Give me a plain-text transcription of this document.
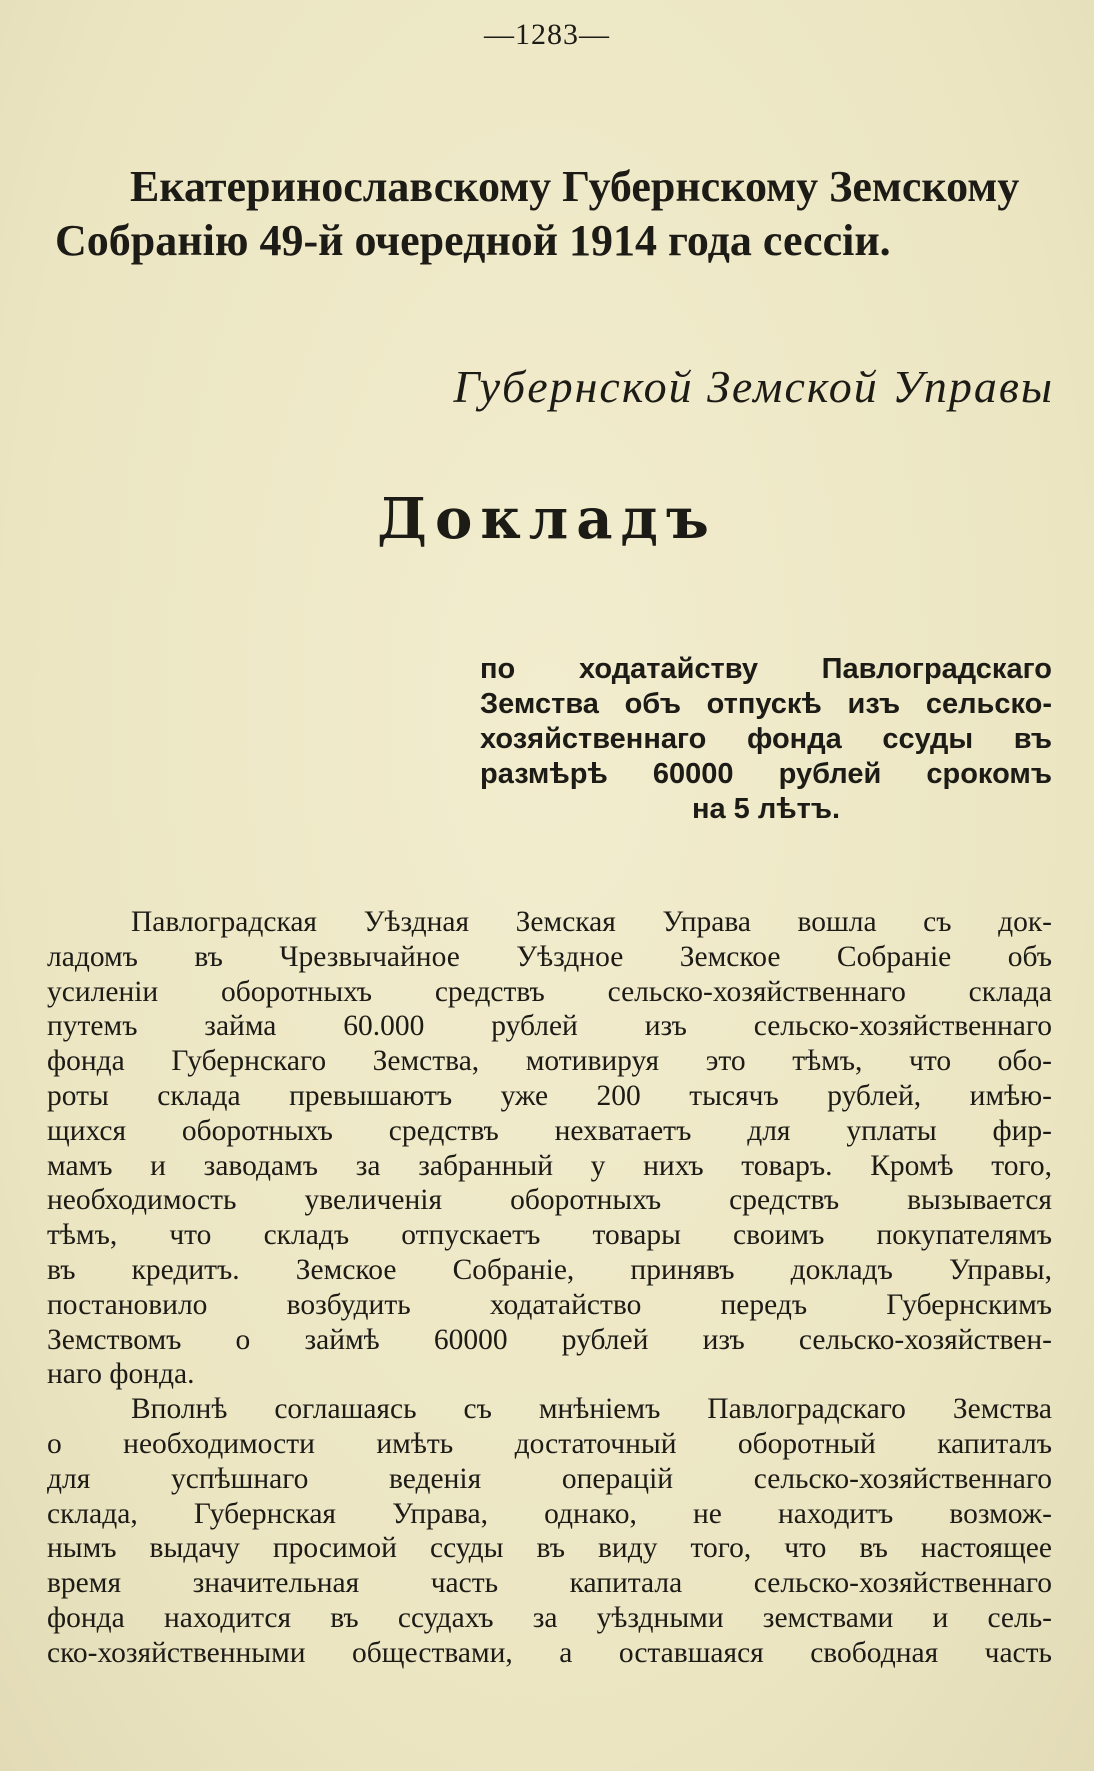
—1283—
Екатеринославскому Губернскому Земскому
Собранію 49-й очередной 1914 года сессіи.
Губернской Земской Управы
Докладъ
по ходатайству Павлоградскаго
Земства объ отпускѣ изъ сельско-
хозяйственнаго фонда ссуды въ
размѣрѣ 60000 рублей срокомъ
на 5 лѣтъ.
Павлоградская Уѣздная Земская Управа вошла съ док-
ладомъ въ Чрезвычайное Уѣздное Земское Собраніе объ
усиленіи оборотныхъ средствъ сельско-хозяйственнаго склада
путемъ займа 60.000 рублей изъ сельско-хозяйственнаго
фонда Губернскаго Земства, мотивируя это тѣмъ, что обо-
роты склада превышаютъ уже 200 тысячъ рублей, имѣю-
щихся оборотныхъ средствъ нехватаетъ для уплаты фир-
мамъ и заводамъ за забранный у нихъ товаръ. Кромѣ того,
необходимость увеличенія оборотныхъ средствъ вызывается
тѣмъ, что складъ отпускаетъ товары своимъ покупателямъ
въ кредитъ. Земское Собраніе, принявъ докладъ Управы,
постановило возбудить ходатайство передъ Губернскимъ
Земствомъ о займѣ 60000 рублей изъ сельско-хозяйствен-
наго фонда.
Вполнѣ соглашаясь съ мнѣніемъ Павлоградскаго Земства
о необходимости имѣть достаточный оборотный капиталъ
для успѣшнаго веденія операцій сельско-хозяйственнаго
склада, Губернская Управа, однако, не находитъ возмож-
нымъ выдачу просимой ссуды въ виду того, что въ настоящее
время значительная часть капитала сельско-хозяйственнаго
фонда находится въ ссудахъ за уѣздными земствами и сель-
ско-хозяйственными обществами, а оставшаяся свободная часть
